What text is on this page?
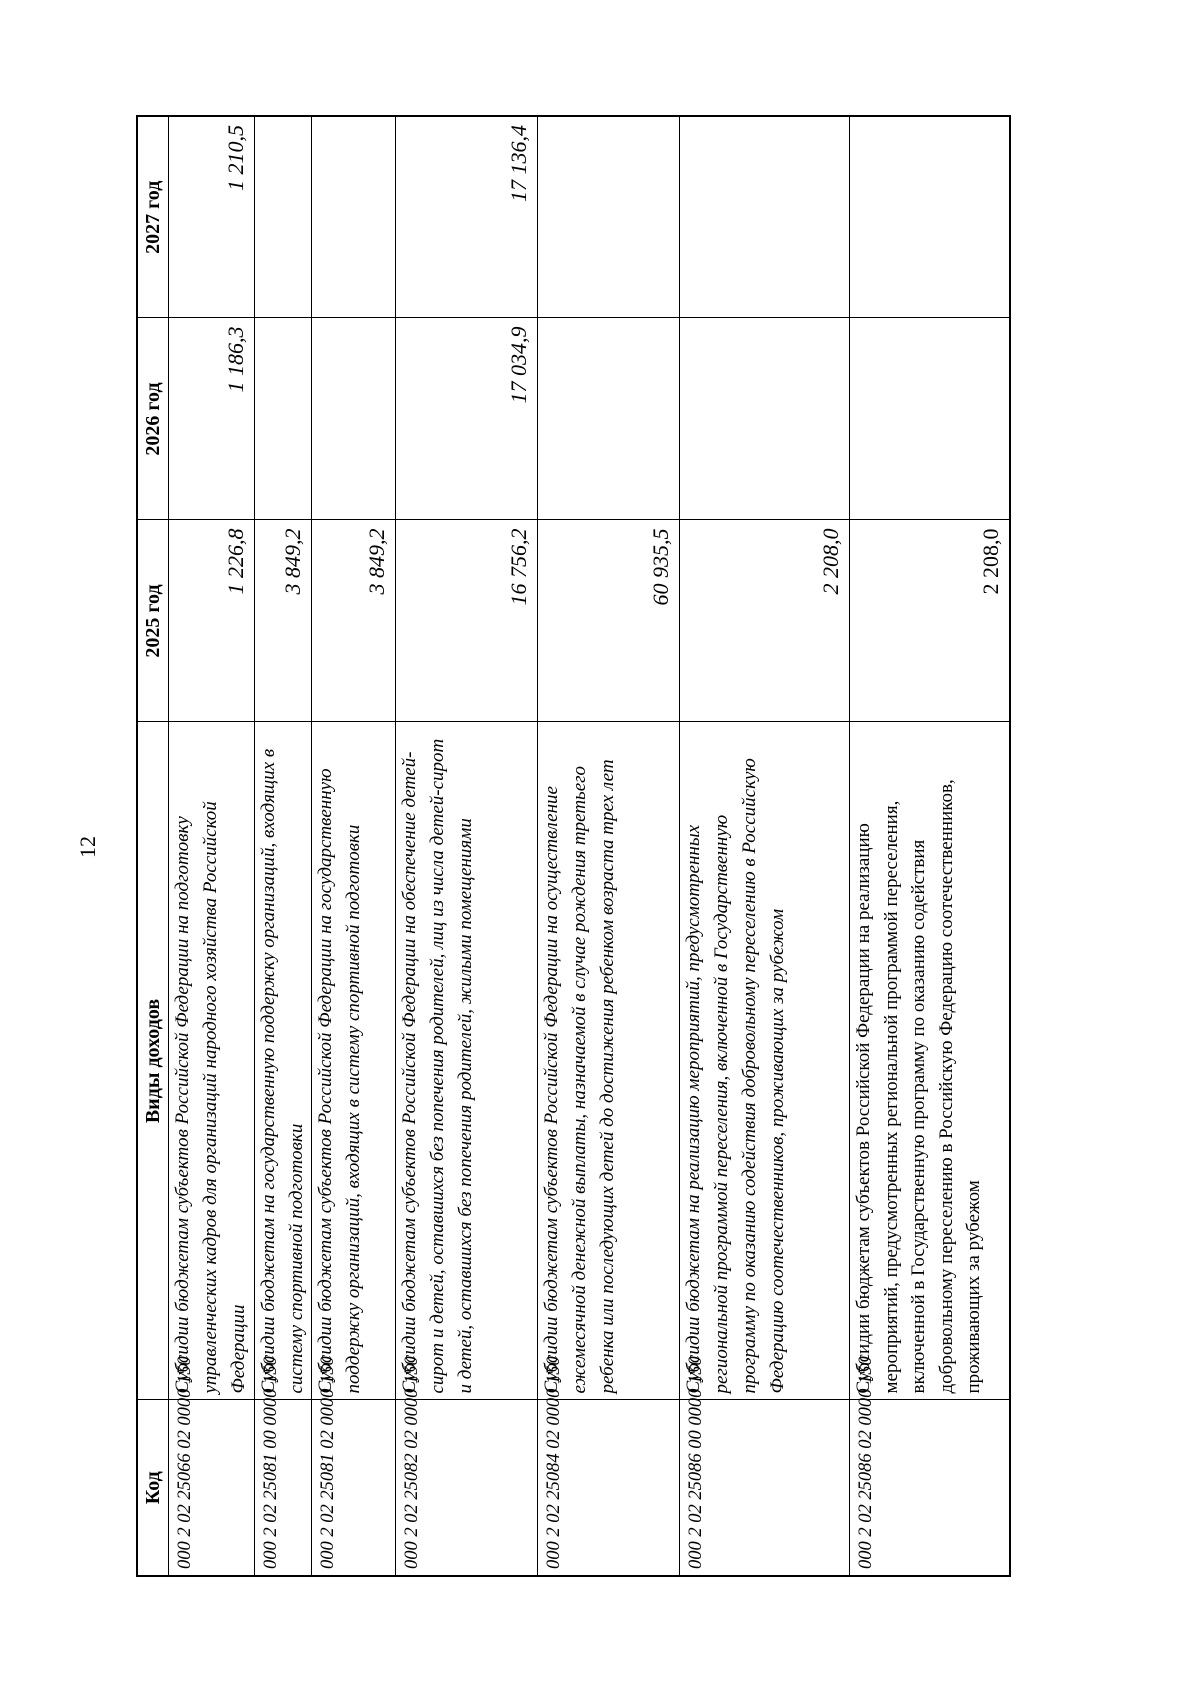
12
Код	Виды доходов	2025 год	2026 год	2027 год
000 2 02 25066 02 0000 150	Субсидии бюджетам субъектов Российской Федерации на подготовку управленческих кадров для организаций народного хозяйства Российской Федерации	1 226,8	1 186,3	1 210,5
000 2 02 25081 00 0000 150	Субсидии бюджетам на государственную поддержку организаций, входящих в систему спортивной подготовки	3 849,2		
000 2 02 25081 02 0000 150	Субсидии бюджетам субъектов Российской Федерации на государственную поддержку организаций, входящих в систему спортивной подготовки	3 849,2		
000 2 02 25082 02 0000 150	Субсидии бюджетам субъектов Российской Федерации на обеспечение детей-сирот и детей, оставшихся без попечения родителей, лиц из числа детей-сирот и детей, оставшихся без попечения родителей, жилыми помещениями	16 756,2	17 034,9	17 136,4
000 2 02 25084 02 0000 150	Субсидии бюджетам субъектов Российской Федерации на осуществление ежемесячной денежной выплаты, назначаемой в случае рождения третьего ребенка или последующих детей до достижения ребенком возраста трех лет	60 935,5		
000 2 02 25086 00 0000 150	Субсидии бюджетам на реализацию мероприятий, предусмотренных региональной программой переселения, включенной в Государственную программу по оказанию содействия добровольному переселению в Российскую Федерацию соотечественников, проживающих за рубежом	2 208,0		
000 2 02 25086 02 0000 150	Субсидии бюджетам субъектов Российской Федерации на реализацию мероприятий, предусмотренных региональной программой переселения, включенной в Государственную программу по оказанию содействия добровольному переселению в Российскую Федерацию соотечественников, проживающих за рубежом	2 208,0		
